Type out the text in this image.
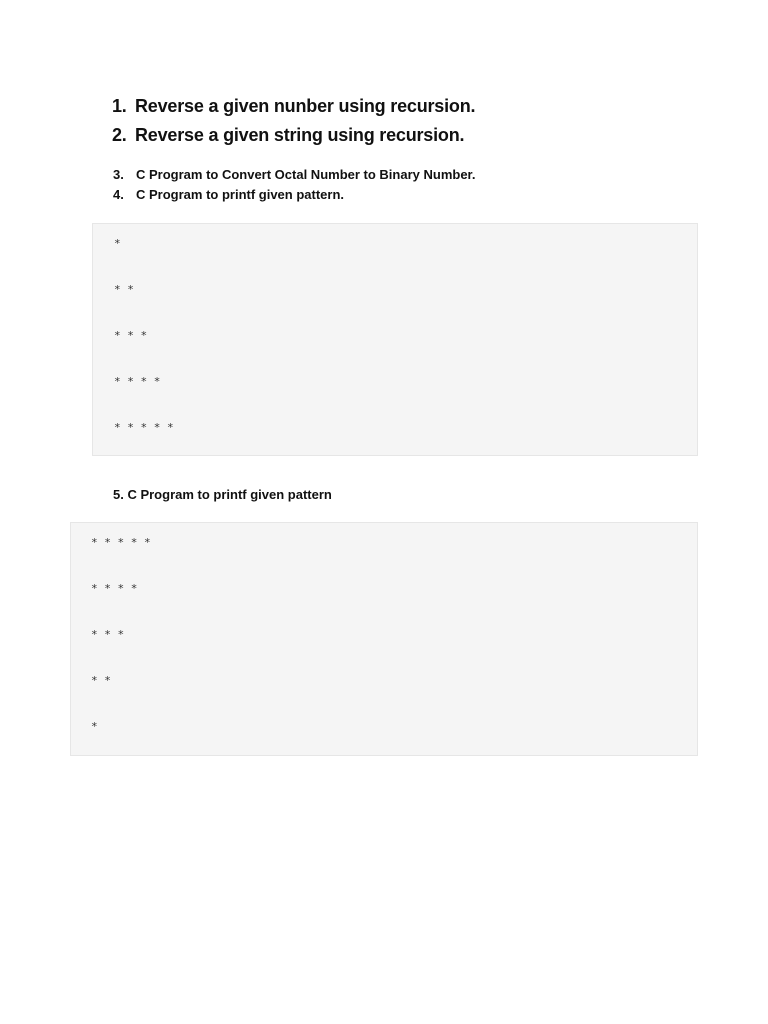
1. Reverse a given nunber using recursion.
2. Reverse a given string using recursion.
3. C Program to Convert Octal Number to Binary Number.
4. C Program to printf given pattern.
*
* *
* * *
* * * *
* * * * *
5. C Program to printf given pattern
* * * * *
* * * *
* * *
* *
*
